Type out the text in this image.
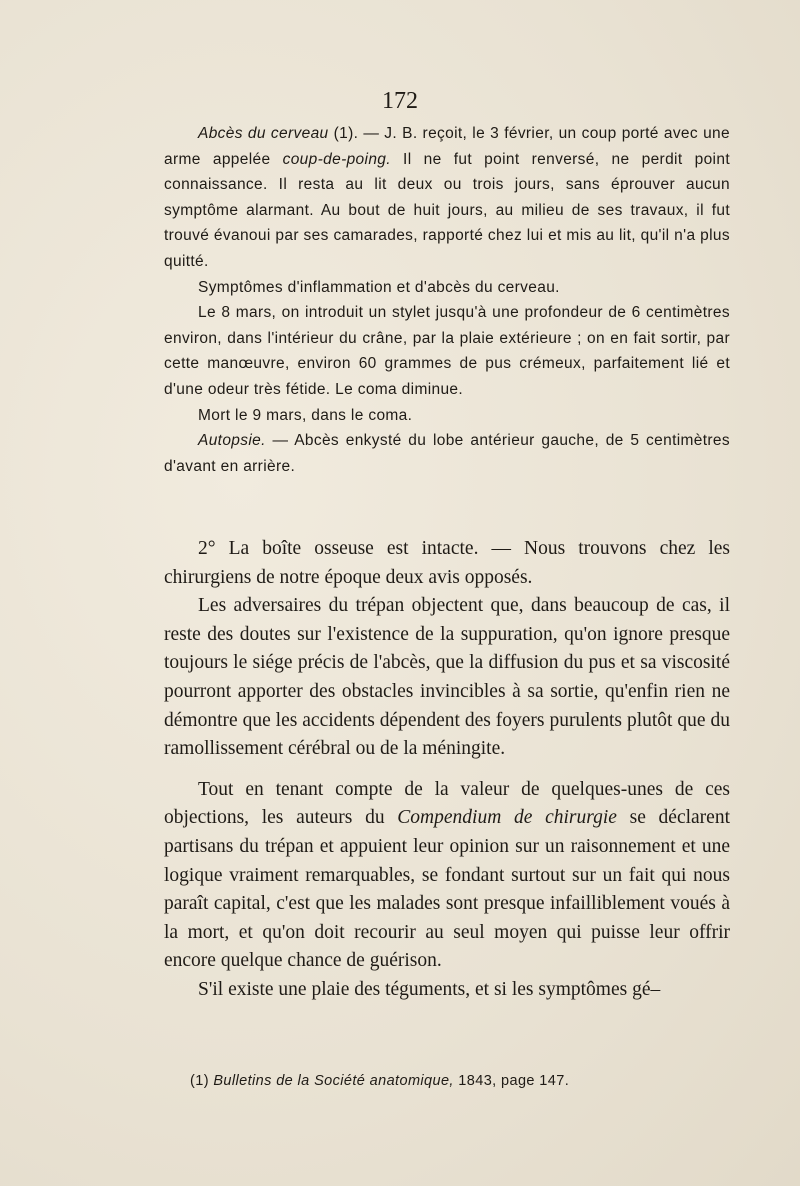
172

Abcès du cerveau (1). — J. B. reçoit, le 3 février, un coup porté avec une arme appelée coup-de-poing. Il ne fut point renversé, ne perdit point connaissance. Il resta au lit deux ou trois jours, sans éprouver aucun symptôme alarmant. Au bout de huit jours, au milieu de ses travaux, il fut trouvé évanoui par ses camarades, rapporté chez lui et mis au lit, qu'il n'a plus quitté.

Symptômes d'inflammation et d'abcès du cerveau.

Le 8 mars, on introduit un stylet jusqu'à une profondeur de 6 centimètres environ, dans l'intérieur du crâne, par la plaie extérieure ; on en fait sortir, par cette manœuvre, environ 60 grammes de pus crémeux, parfaitement lié et d'une odeur très fétide. Le coma diminue.

Mort le 9 mars, dans le coma.

Autopsie. — Abcès enkysté du lobe antérieur gauche, de 5 centimètres d'avant en arrière.

2° La boîte osseuse est intacte. — Nous trouvons chez les chirurgiens de notre époque deux avis opposés.

Les adversaires du trépan objectent que, dans beaucoup de cas, il reste des doutes sur l'existence de la suppuration, qu'on ignore presque toujours le siége précis de l'abcès, que la diffusion du pus et sa viscosité pourront apporter des obstacles invincibles à sa sortie, qu'enfin rien ne démontre que les accidents dépendent des foyers purulents plutôt que du ramollissement cérébral ou de la méningite.

Tout en tenant compte de la valeur de quelques-unes de ces objections, les auteurs du Compendium de chirurgie se déclarent partisans du trépan et appuient leur opinion sur un raisonnement et une logique vraiment remarquables, se fondant surtout sur un fait qui nous paraît capital, c'est que les malades sont presque infailliblement voués à la mort, et qu'on doit recourir au seul moyen qui puisse leur offrir encore quelque chance de guérison.

S'il existe une plaie des téguments, et si les symptômes gé–

(1) Bulletins de la Société anatomique, 1843, page 147.
